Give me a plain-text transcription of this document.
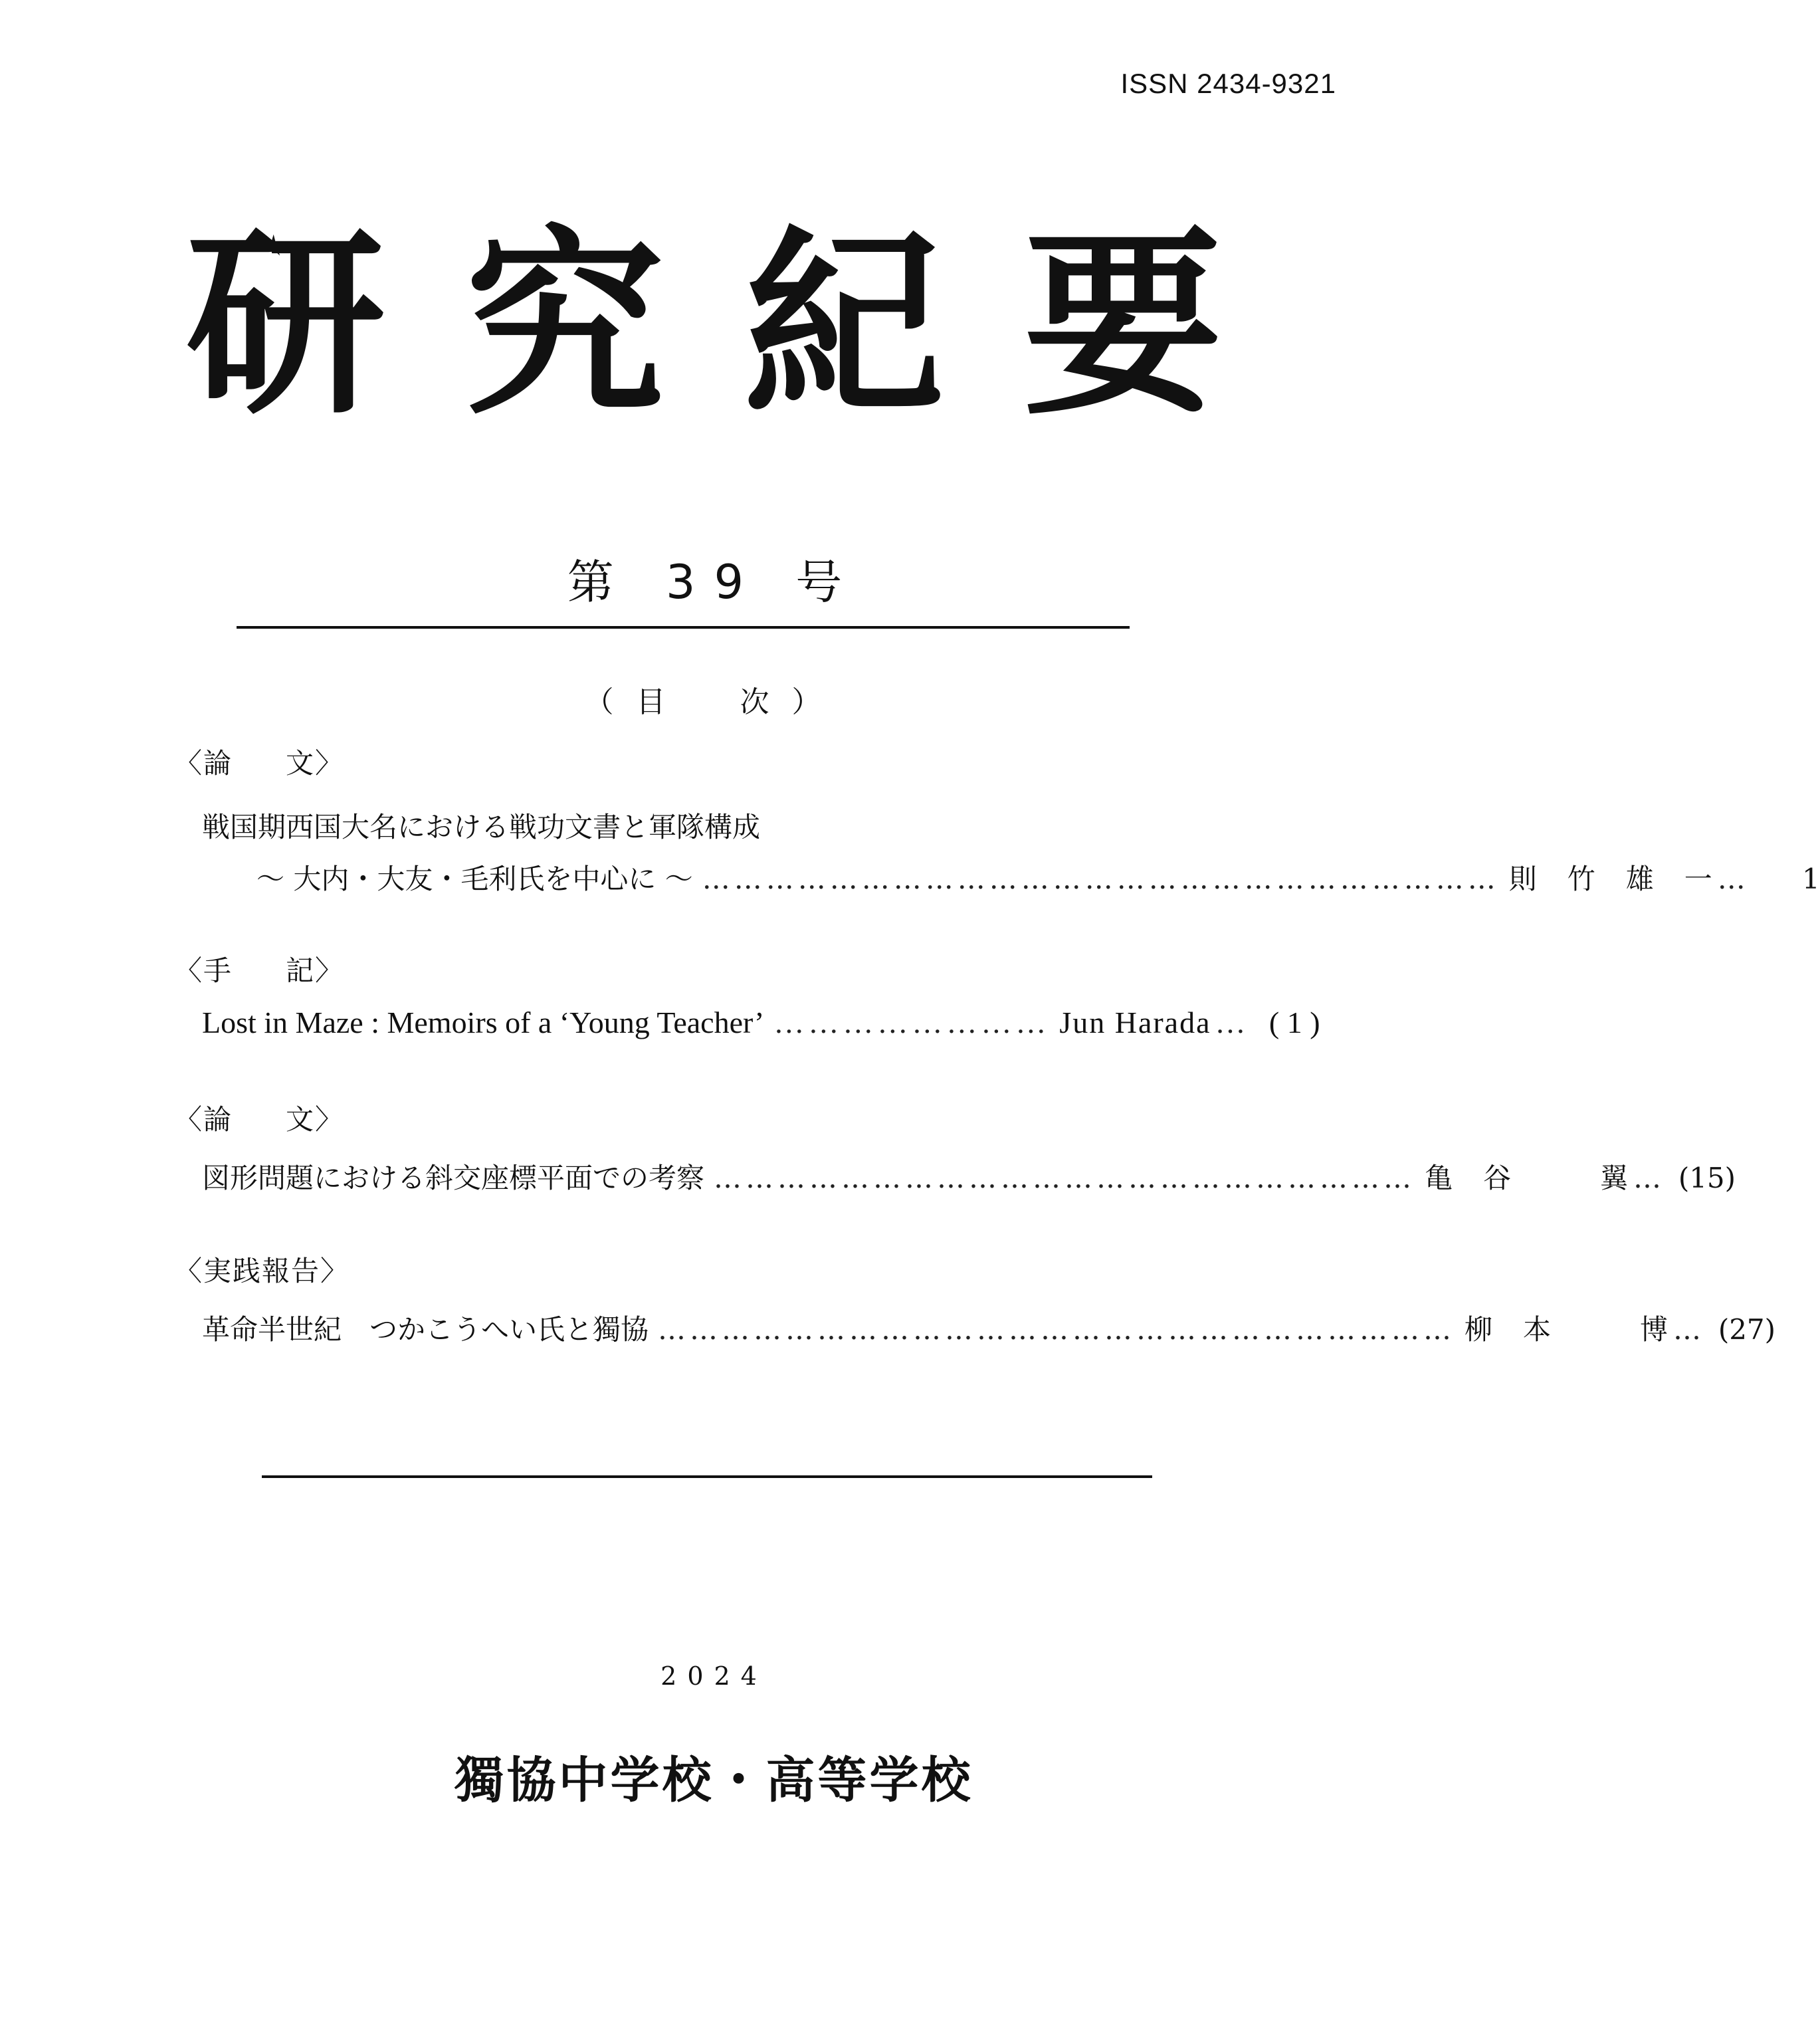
ISSN 2434-9321
研 究 紀 要
第 39 号
（目　次）
〈論 文〉
戦国期西国大名における戦功文書と軍隊構成
〜 大内・大友・毛利氏を中心に 〜 ………………………………………………………………… 則　竹　雄　一 …	1
〈手 記〉
Lost in Maze : Memoirs of a ‘Young Teacher’ …………………… Jun Harada … ( 1 )
〈論 文〉
図形問題における斜交座標平面での考察 ………………………………………………………… 亀　谷　　　翼 … (15)
〈実践報告〉
革命半世紀　つかこうへい氏と獨協 ………………………………………………………………… 柳　本　　　博 … (27)
2024
獨協中学校・高等学校
